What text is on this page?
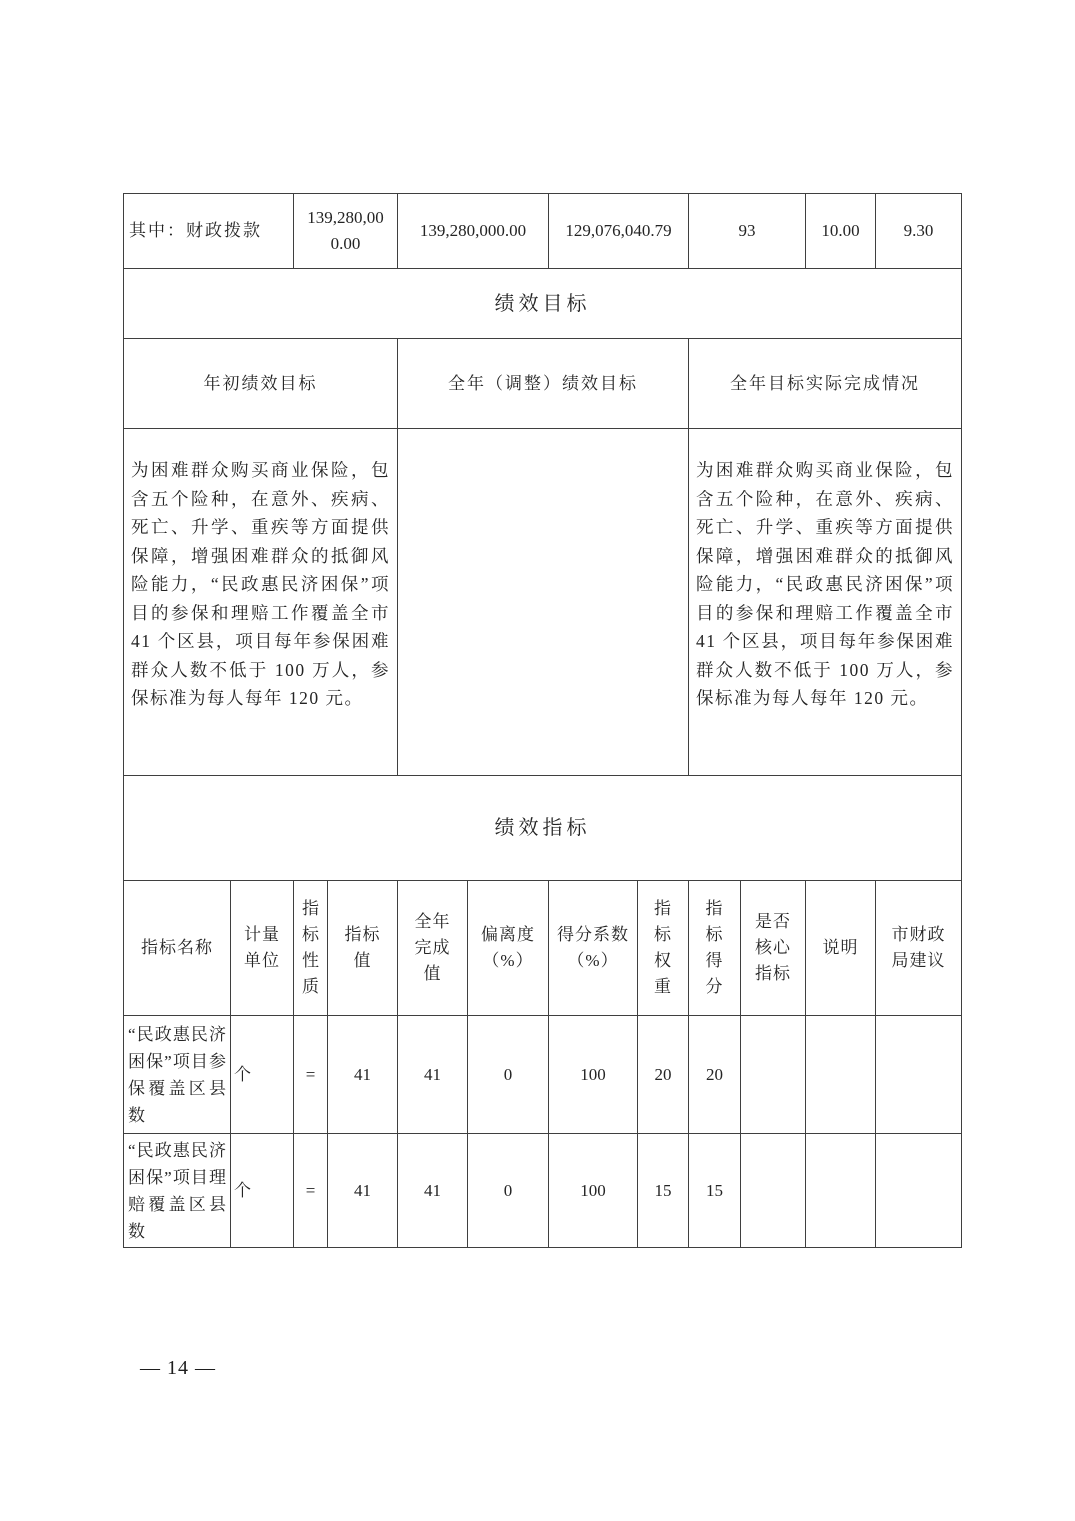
其中：财政拨款		139,280,000.00		139,280,000.00		129,076,040.79		93		10.00	9.30
绩效目标											
年初绩效目标				全年（调整）绩效目标				全年目标实际完成情况			
为困难群众购买商业保险，包含五个险种，在意外、疾病、死亡、升学、重疾等方面提供保障，增强困难群众的抵御风险能力，“民政惠民济困保”项目的参保和理赔工作覆盖全市 41 个区县，项目每年参保困难群众人数不低于 100 万人，参保标准为每人每年 120 元。								为困难群众购买商业保险，包含五个险种，在意外、疾病、死亡、升学、重疾等方面提供保障，增强困难群众的抵御风险能力，“民政惠民济困保”项目的参保和理赔工作覆盖全市 41 个区县，项目每年参保困难群众人数不低于 100 万人，参保标准为每人每年 120 元。			
绩效指标											
指标名称	计量单位	指标性质	指标值	全年完成值	偏离度（%）	得分系数（%）	指标权重	指标得分	是否核心指标	说明	市财政局建议
“民政惠民济困保”项目参保覆盖区县数	个	=	41	41	0	100	20	20			
“民政惠民济困保”项目理赔覆盖区县数	个	=	41	41	0	100	15	15			
— 14 —
